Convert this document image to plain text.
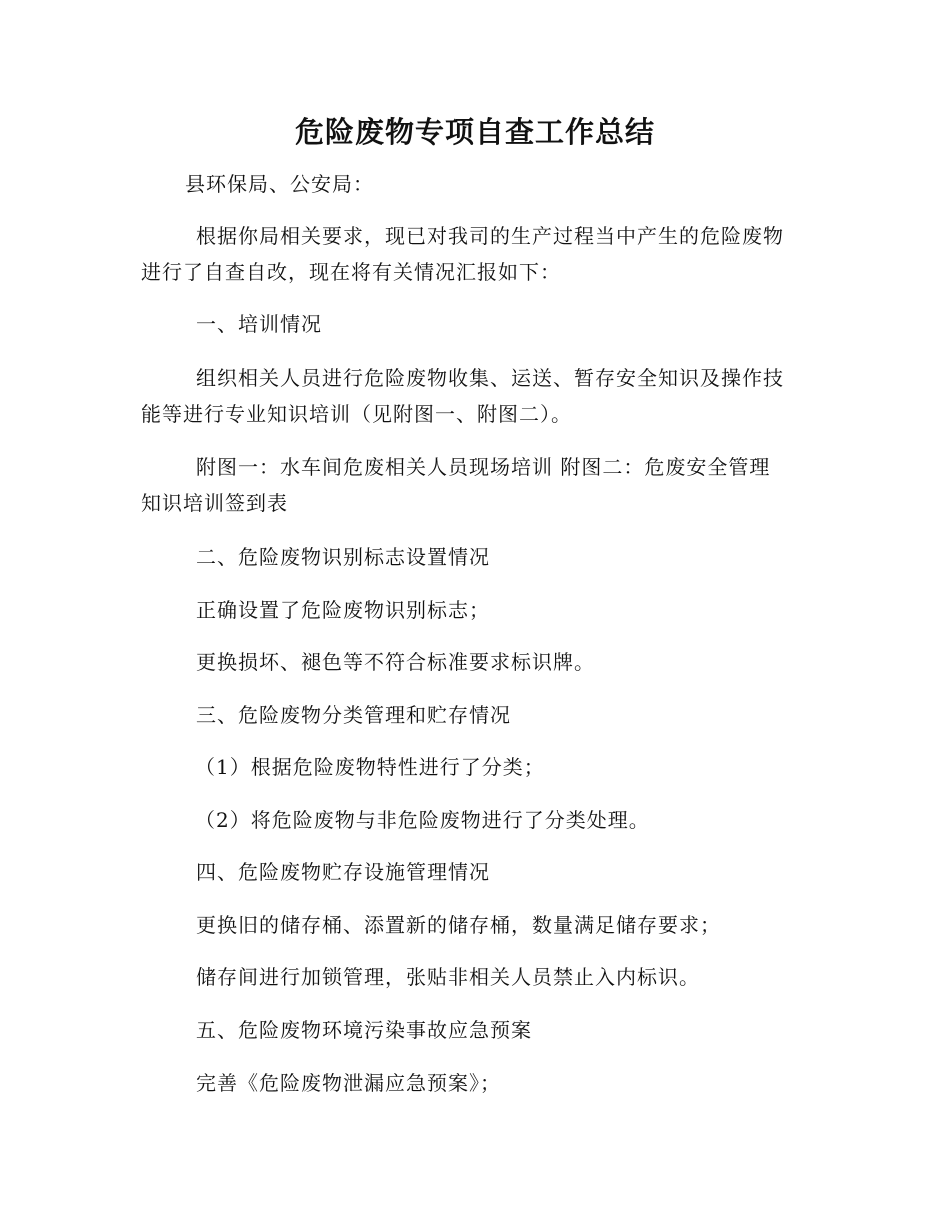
危险废物专项自查工作总结
县环保局、公安局：
根据你局相关要求，现已对我司的生产过程当中产生的危险废物
进行了自查自改，现在将有关情况汇报如下：
一、培训情况
组织相关人员进行危险废物收集、运送、暂存安全知识及操作技
能等进行专业知识培训（见附图一、附图二）。
附图一：水车间危废相关人员现场培训 附图二：危废安全管理
知识培训签到表
二、危险废物识别标志设置情况
正确设置了危险废物识别标志；
更换损坏、褪色等不符合标准要求标识牌。
三、危险废物分类管理和贮存情况
（1）根据危险废物特性进行了分类；
（2）将危险废物与非危险废物进行了分类处理。
四、危险废物贮存设施管理情况
更换旧的储存桶、添置新的储存桶，数量满足储存要求；
储存间进行加锁管理，张贴非相关人员禁止入内标识。
五、危险废物环境污染事故应急预案
完善《危险废物泄漏应急预案》；
